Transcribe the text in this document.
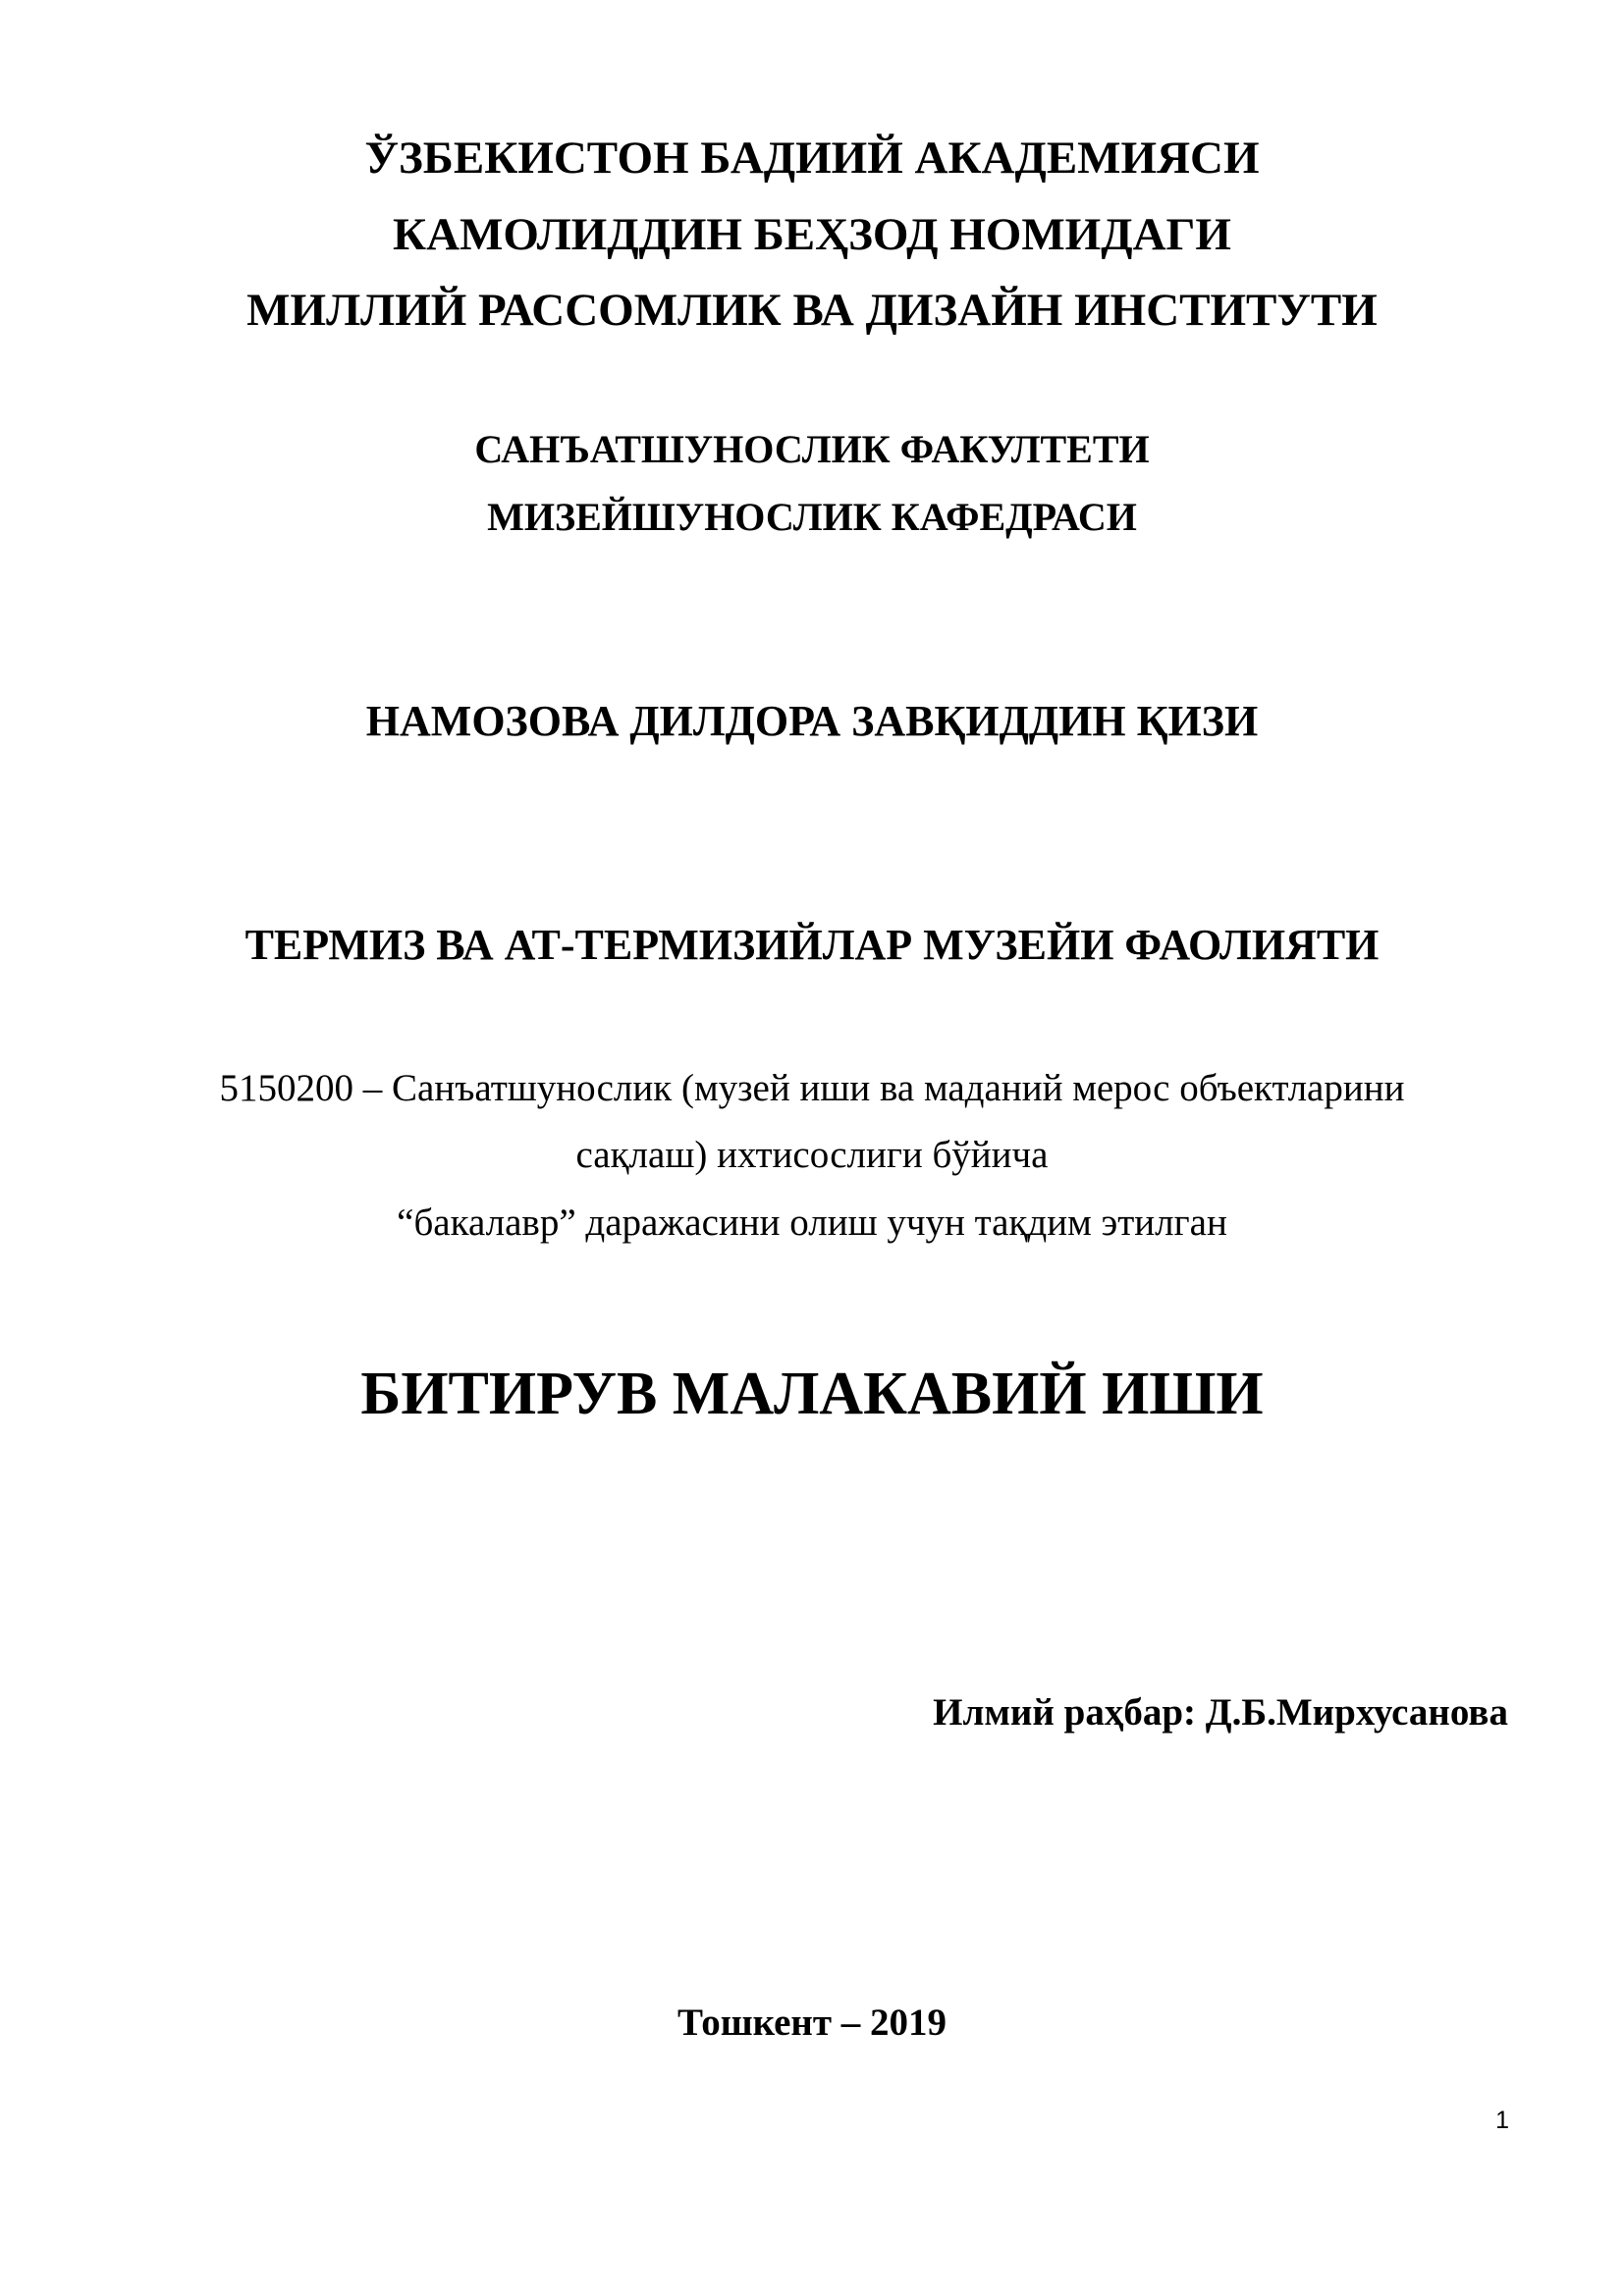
ЎЗБЕКИСТОН БАДИИЙ АКАДЕМИЯСИ
КАМОЛИДДИН БЕҲЗОД НОМИДАГИ
МИЛЛИЙ РАССОМЛИК ВА ДИЗАЙН ИНСТИТУТИ
САНЪАТШУНОСЛИК ФАКУЛТЕТИ
МИЗЕЙШУНОСЛИК КАФЕДРАСИ
НАМОЗОВА ДИЛДОРА ЗАВҚИДДИН ҚИЗИ
ТЕРМИЗ ВА АТ-ТЕРМИЗИЙЛАР МУЗЕЙИ ФАОЛИЯТИ
5150200 – Санъатшунослик (музей иши ва маданий мерос объектларини
сақлаш) ихтисослиги бўйича
“бакалавр” даражасини олиш учун тақдим этилган
БИТИРУВ МАЛАКАВИЙ ИШИ
Илмий раҳбар: Д.Б.Мирхусанова
Тошкент – 2019
1
